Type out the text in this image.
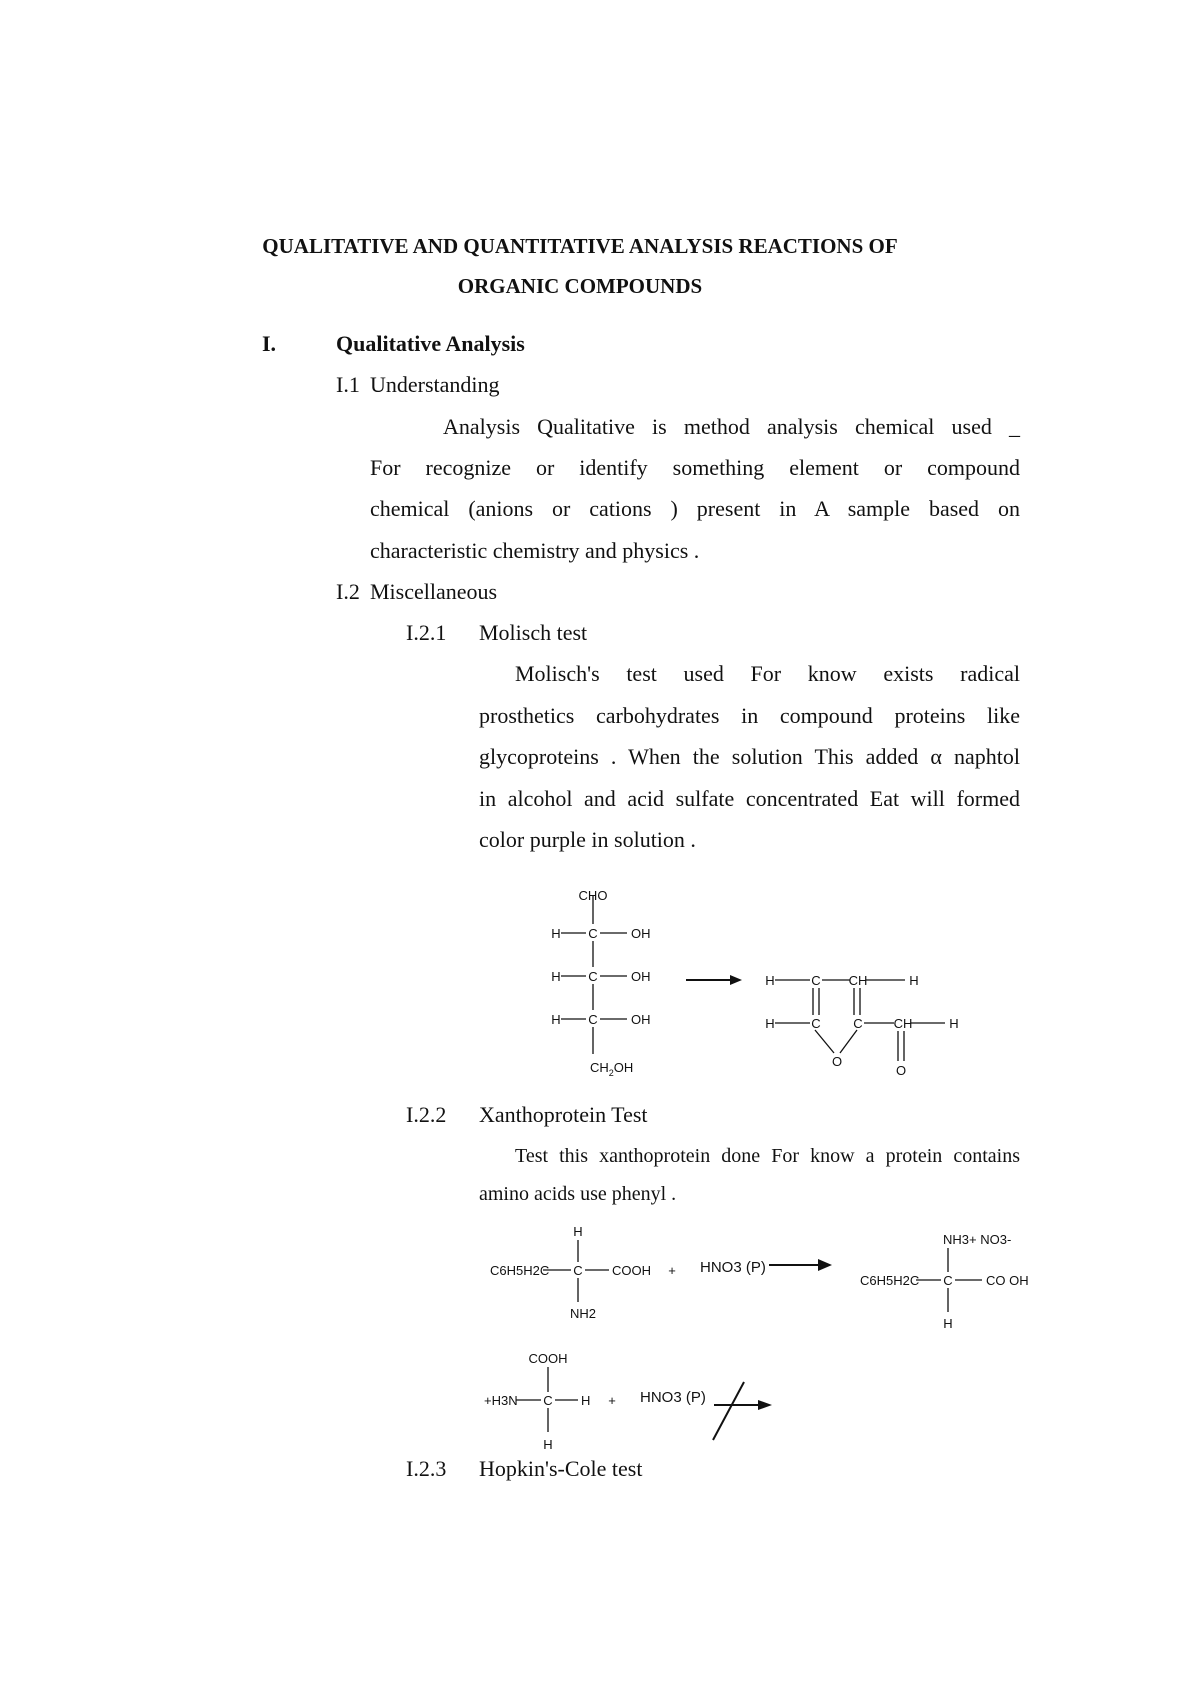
QUALITATIVE AND QUANTITATIVE ANALYSIS REACTIONS OF
ORGANIC COMPOUNDS
I.	Qualitative Analysis
I.1 Understanding
Analysis Qualitative is method analysis chemical used _
For recognize or identify something element or compound
chemical (anions or cations ) present in A sample based on
characteristic chemistry and physics .
I.2 Miscellaneous
I.2.1 Molisch test
Molisch's test used For know exists radical
prosthetics carbohydrates in compound proteins like
glycoproteins . When the solution This added α naphtol
in alcohol and acid sulfate concentrated Eat will formed
color purple in solution .
I.2.2 Xanthoprotein Test
Test this xanthoprotein done For know a protein contains
amino acids use phenyl .
I.2.3 Hopkin's-Cole test
CHO
H C	OH
H C	OH
H C	OH
$CH_2OH$
H	C CH	H
H	C	C CH	H
O
O
H
C6H5H2C C COOH
NH2
+ HNO3 (P)
NH3+ NO3-
C6H5H2C C	CO OH
H
COOH
+H3N C H
H
+ HNO3 (P)
